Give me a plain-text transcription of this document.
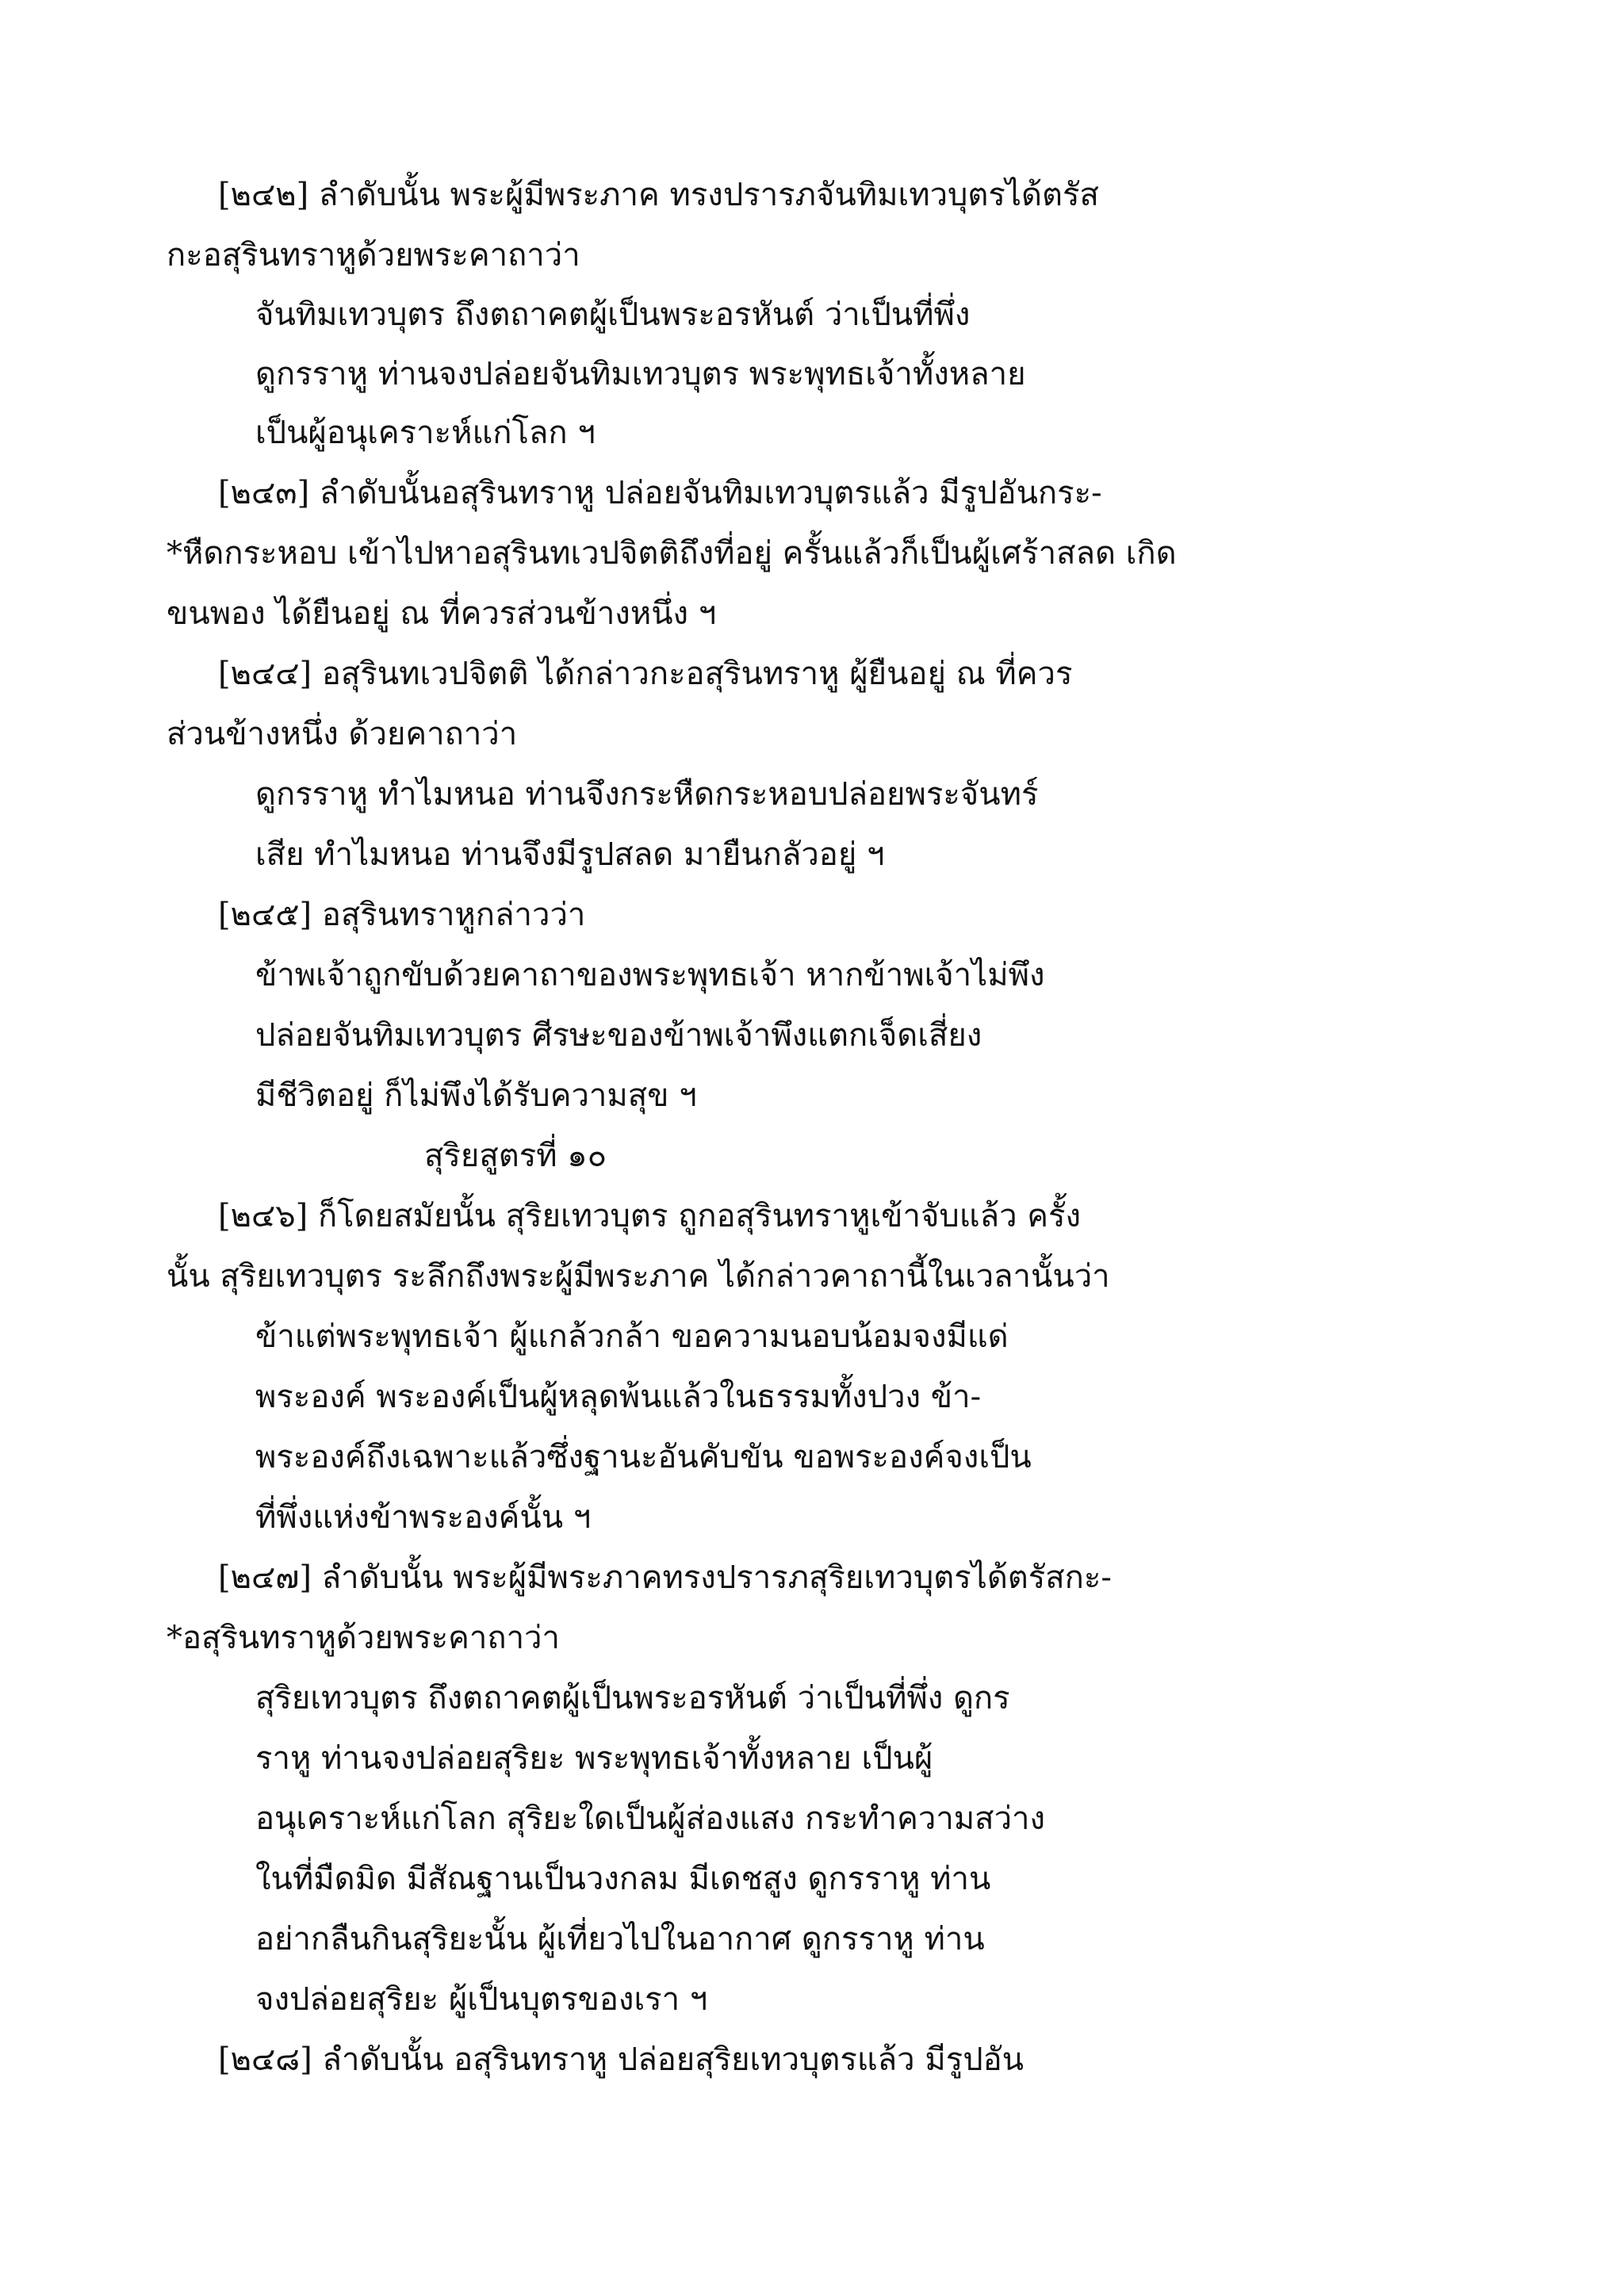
[๒๔๒] ลำดับนั้น พระผู้มีพระภาค ทรงปรารภจันทิมเทวบุตรได้ตรัส
กะอสุรินทราหูด้วยพระคาถาว่า
จันทิมเทวบุตร ถึงตถาคตผู้เป็นพระอรหันต์ ว่าเป็นที่พึ่ง
ดูกรราหู ท่านจงปล่อยจันทิมเทวบุตร พระพุทธเจ้าทั้งหลาย
เป็นผู้อนุเคราะห์แก่โลก ฯ
[๒๔๓] ลำดับนั้นอสุรินทราหู ปล่อยจันทิมเทวบุตรแล้ว มีรูปอันกระ-
*หืดกระหอบ เข้าไปหาอสุรินทเวปจิตติถึงที่อยู่ ครั้นแล้วก็เป็นผู้เศร้าสลด เกิด
ขนพอง ได้ยืนอยู่ ณ ที่ควรส่วนข้างหนึ่ง ฯ
[๒๔๔] อสุรินทเวปจิตติ ได้กล่าวกะอสุรินทราหู ผู้ยืนอยู่ ณ ที่ควร
ส่วนข้างหนึ่ง ด้วยคาถาว่า
ดูกรราหู ทำไมหนอ ท่านจึงกระหืดกระหอบปล่อยพระจันทร์
เสีย ทำไมหนอ ท่านจึงมีรูปสลด มายืนกลัวอยู่ ฯ
[๒๔๕] อสุรินทราหูกล่าวว่า
ข้าพเจ้าถูกขับด้วยคาถาของพระพุทธเจ้า หากข้าพเจ้าไม่พึง
ปล่อยจันทิมเทวบุตร ศีรษะของข้าพเจ้าพึงแตกเจ็ดเสี่ยง
มีชีวิตอยู่ ก็ไม่พึงได้รับความสุข ฯ
สุริยสูตรที่ ๑๐
[๒๔๖] ก็โดยสมัยนั้น สุริยเทวบุตร ถูกอสุรินทราหูเข้าจับแล้ว ครั้ง
นั้น สุริยเทวบุตร ระลึกถึงพระผู้มีพระภาค ได้กล่าวคาถานี้ในเวลานั้นว่า
ข้าแต่พระพุทธเจ้า ผู้แกล้วกล้า ขอความนอบน้อมจงมีแด่
พระองค์ พระองค์เป็นผู้หลุดพ้นแล้วในธรรมทั้งปวง ข้า-
พระองค์ถึงเฉพาะแล้วซึ่งฐานะอันคับขัน ขอพระองค์จงเป็น
ที่พึ่งแห่งข้าพระองค์นั้น ฯ
[๒๔๗] ลำดับนั้น พระผู้มีพระภาคทรงปรารภสุริยเทวบุตรได้ตรัสกะ-
*อสุรินทราหูด้วยพระคาถาว่า
สุริยเทวบุตร ถึงตถาคตผู้เป็นพระอรหันต์ ว่าเป็นที่พึ่ง ดูกร
ราหู ท่านจงปล่อยสุริยะ พระพุทธเจ้าทั้งหลาย เป็นผู้
อนุเคราะห์แก่โลก สุริยะใดเป็นผู้ส่องแสง กระทำความสว่าง
ในที่มืดมิด มีสัณฐานเป็นวงกลม มีเดชสูง ดูกรราหู ท่าน
อย่ากลืนกินสุริยะนั้น ผู้เที่ยวไปในอากาศ ดูกรราหู ท่าน
จงปล่อยสุริยะ ผู้เป็นบุตรของเรา ฯ
[๒๔๘] ลำดับนั้น อสุรินทราหู ปล่อยสุริยเทวบุตรแล้ว มีรูปอัน
